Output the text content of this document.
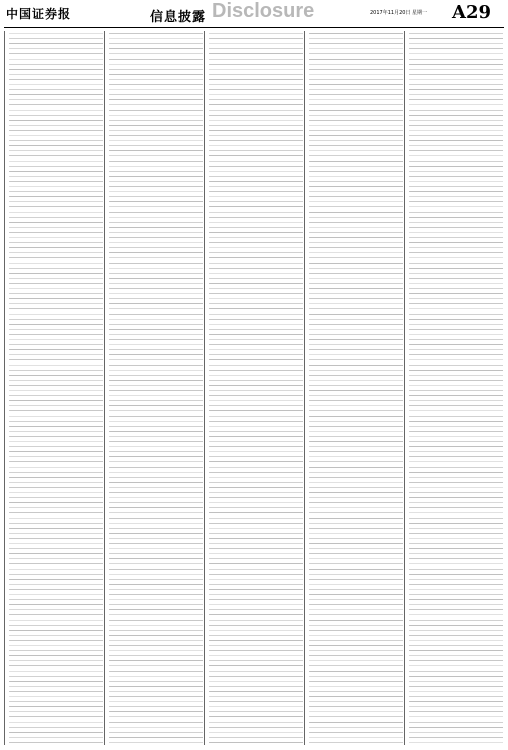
中国证券报	信息披露 Disclosure	2017年11月20日 星期一 A29
